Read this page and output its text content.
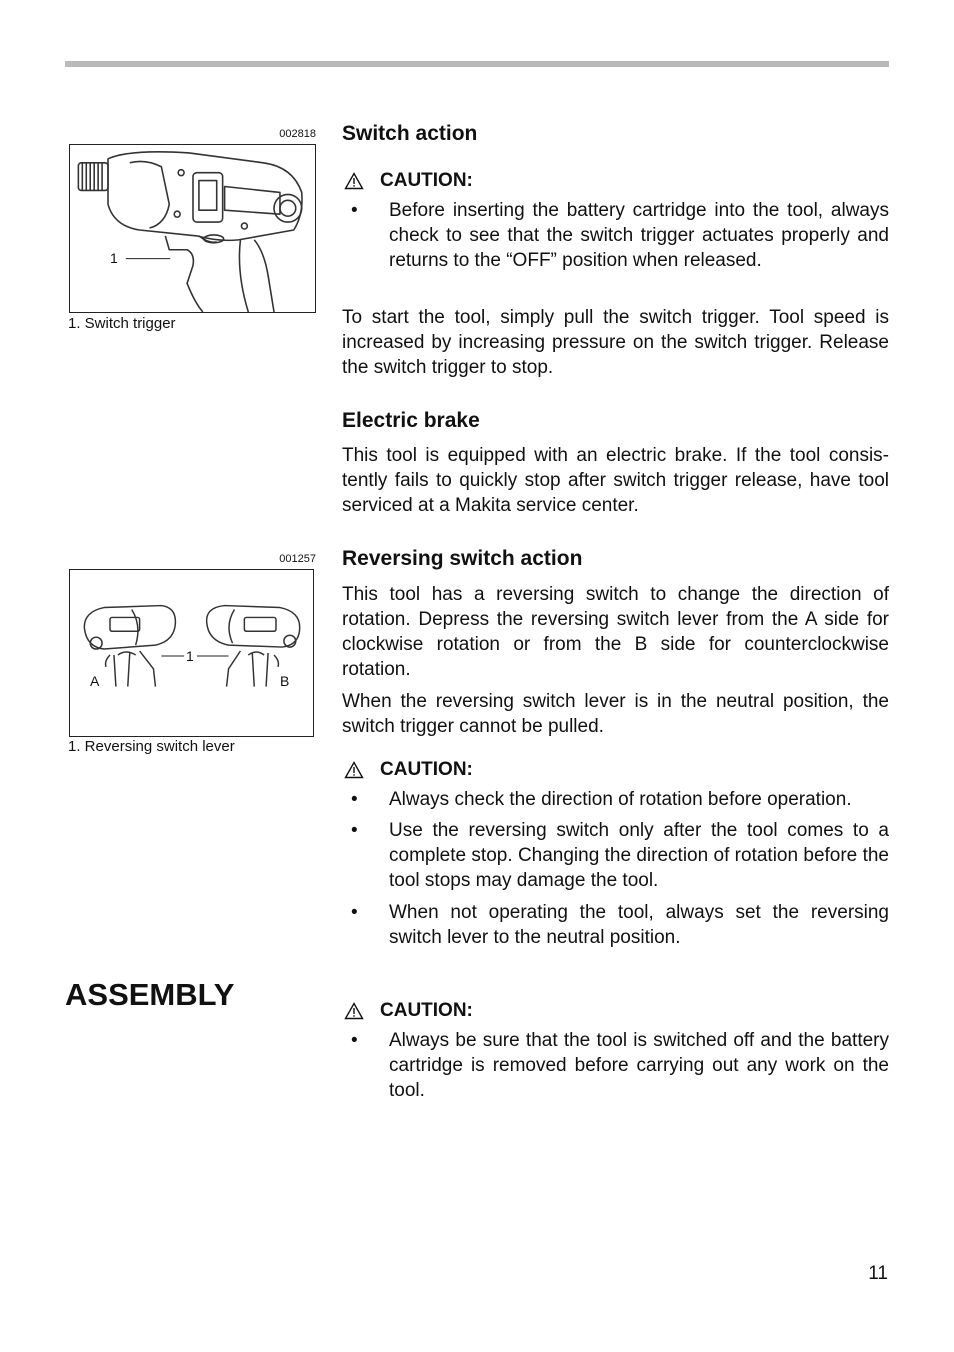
002818
1
1. Switch trigger
001257
1
A	B
1. Reversing switch lever
Switch action
CAUTION:
• Before inserting the battery cartridge into the tool, always check to see that the switch trigger actuates properly and returns to the “OFF” position when released.

To start the tool, simply pull the switch trigger. Tool speed is increased by increasing pressure on the switch trigger. Release the switch trigger to stop.

Electric brake

This tool is equipped with an electric brake. If the tool consistently fails to quickly stop after switch trigger release, have tool serviced at a Makita service center.

Reversing switch action

This tool has a reversing switch to change the direction of rotation. Depress the reversing switch lever from the A side for clockwise rotation or from the B side for counterclockwise rotation.

When the reversing switch lever is in the neutral position, the switch trigger cannot be pulled.

CAUTION:
• Always check the direction of rotation before operation.
• Use the reversing switch only after the tool comes to a complete stop. Changing the direction of rotation before the tool stops may damage the tool.
• When not operating the tool, always set the reversing switch lever to the neutral position.
ASSEMBLY	CAUTION:
• Always be sure that the tool is switched off and the battery cartridge is removed before carrying out any work on the tool.
11
